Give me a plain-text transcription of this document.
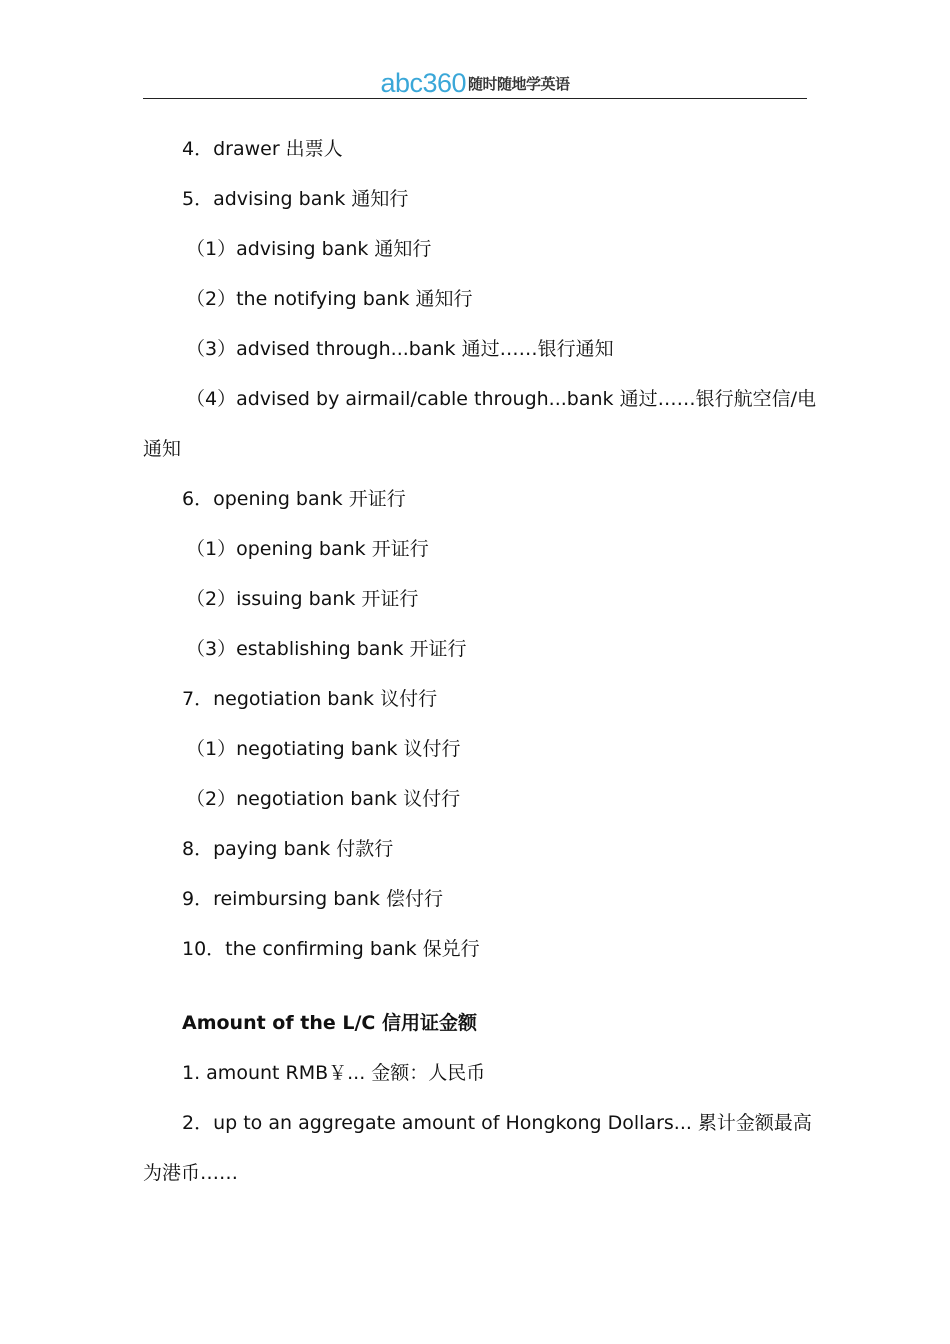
abc360 随时随地学英语
4．drawer 出票人
5．advising bank 通知行
（1）advising bank 通知行
（2）the notifying bank 通知行
（3）advised through...bank 通过……银行通知
（4）advised by airmail/cable through...bank 通过……银行航空信/电
通知
6．opening bank 开证行
（1）opening bank 开证行
（2）issuing bank 开证行
（3）establishing bank 开证行
7．negotiation bank 议付行
（1）negotiating bank 议付行
（2）negotiation bank 议付行
8．paying bank 付款行
9．reimbursing bank 偿付行
10．the confirming bank 保兑行
Amount of the L/C 信用证金额
1. amount RMB￥... 金额：人民币
2．up to an aggregate amount of Hongkong Dollars... 累计金额最高
为港币……
